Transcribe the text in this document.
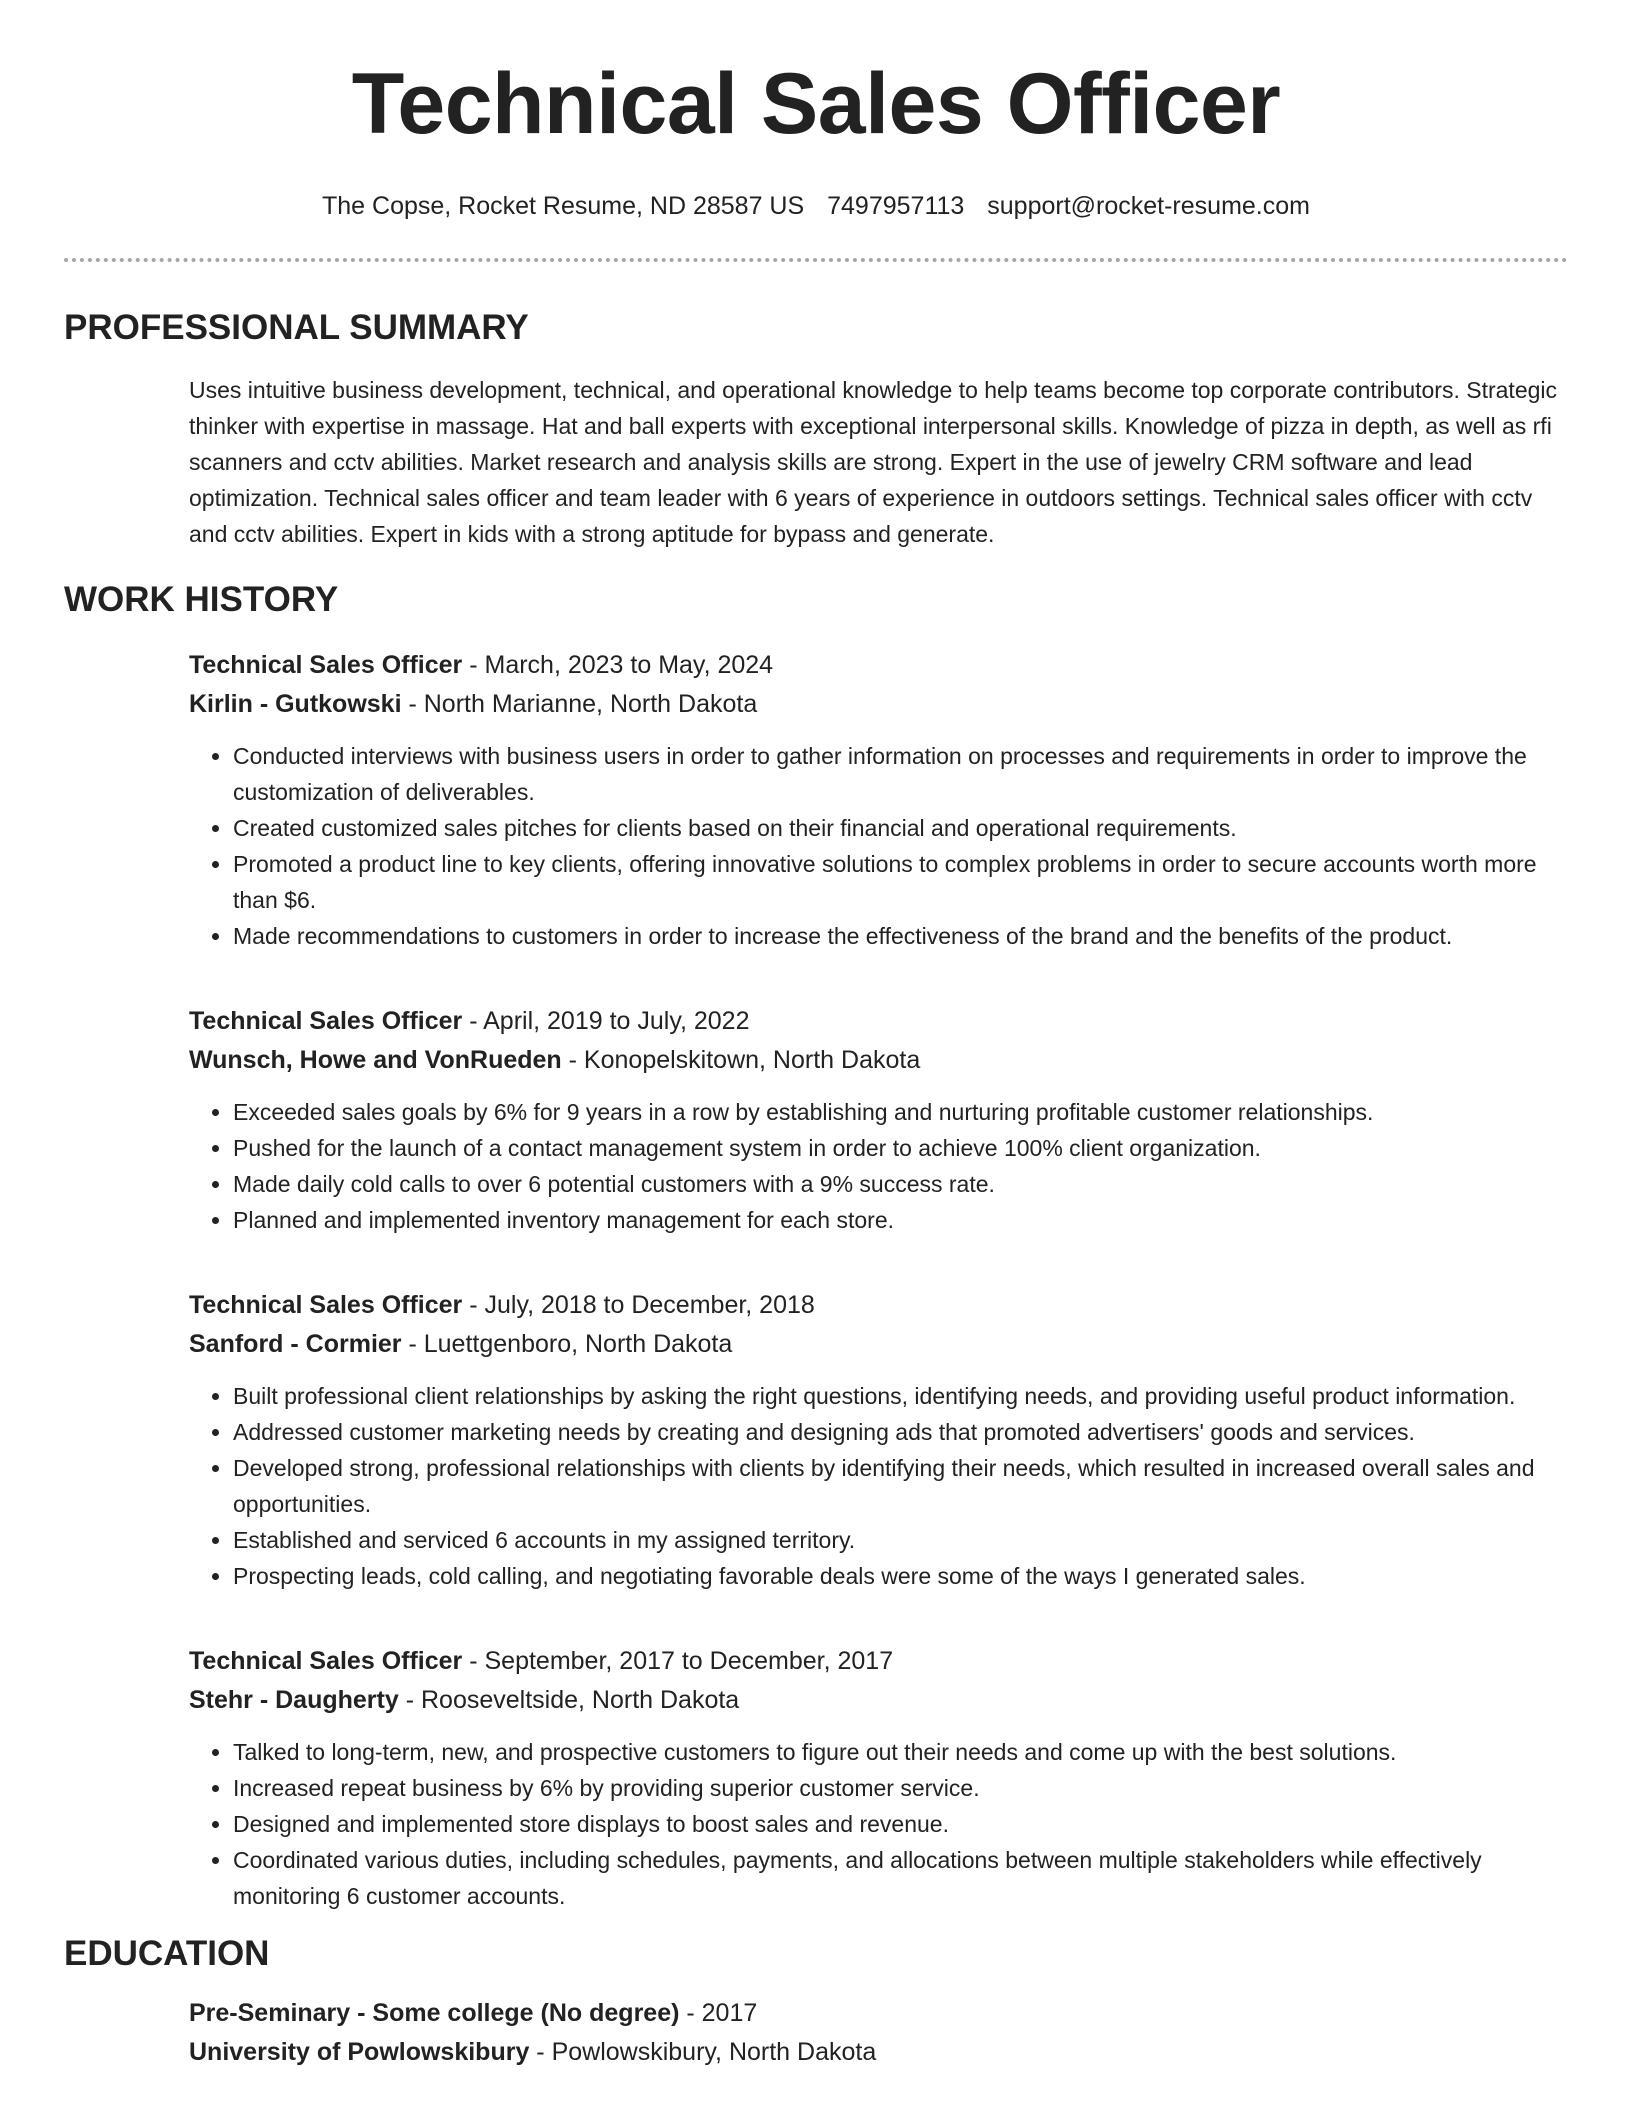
Technical Sales Officer
The Copse, Rocket Resume, ND 28587 US 7497957113 support@rocket-resume.com
PROFESSIONAL SUMMARY
Uses intuitive business development, technical, and operational knowledge to help teams become top corporate contributors. Strategic thinker with expertise in massage. Hat and ball experts with exceptional interpersonal skills. Knowledge of pizza in depth, as well as rfi scanners and cctv abilities. Market research and analysis skills are strong. Expert in the use of jewelry CRM software and lead optimization. Technical sales officer and team leader with 6 years of experience in outdoors settings. Technical sales officer with cctv and cctv abilities. Expert in kids with a strong aptitude for bypass and generate.
WORK HISTORY
Technical Sales Officer - March, 2023 to May, 2024
Kirlin - Gutkowski - North Marianne, North Dakota
• Conducted interviews with business users in order to gather information on processes and requirements in order to improve the customization of deliverables.
• Created customized sales pitches for clients based on their financial and operational requirements.
• Promoted a product line to key clients, offering innovative solutions to complex problems in order to secure accounts worth more than $6.
• Made recommendations to customers in order to increase the effectiveness of the brand and the benefits of the product.
Technical Sales Officer - April, 2019 to July, 2022
Wunsch, Howe and VonRueden - Konopelskitown, North Dakota
• Exceeded sales goals by 6% for 9 years in a row by establishing and nurturing profitable customer relationships.
• Pushed for the launch of a contact management system in order to achieve 100% client organization.
• Made daily cold calls to over 6 potential customers with a 9% success rate.
• Planned and implemented inventory management for each store.
Technical Sales Officer - July, 2018 to December, 2018
Sanford - Cormier - Luettgenboro, North Dakota
• Built professional client relationships by asking the right questions, identifying needs, and providing useful product information.
• Addressed customer marketing needs by creating and designing ads that promoted advertisers' goods and services.
• Developed strong, professional relationships with clients by identifying their needs, which resulted in increased overall sales and opportunities.
• Established and serviced 6 accounts in my assigned territory.
• Prospecting leads, cold calling, and negotiating favorable deals were some of the ways I generated sales.
Technical Sales Officer - September, 2017 to December, 2017
Stehr - Daugherty - Rooseveltside, North Dakota
• Talked to long-term, new, and prospective customers to figure out their needs and come up with the best solutions.
• Increased repeat business by 6% by providing superior customer service.
• Designed and implemented store displays to boost sales and revenue.
• Coordinated various duties, including schedules, payments, and allocations between multiple stakeholders while effectively monitoring 6 customer accounts.
EDUCATION
Pre-Seminary - Some college (No degree) - 2017
University of Powlowskibury - Powlowskibury, North Dakota
